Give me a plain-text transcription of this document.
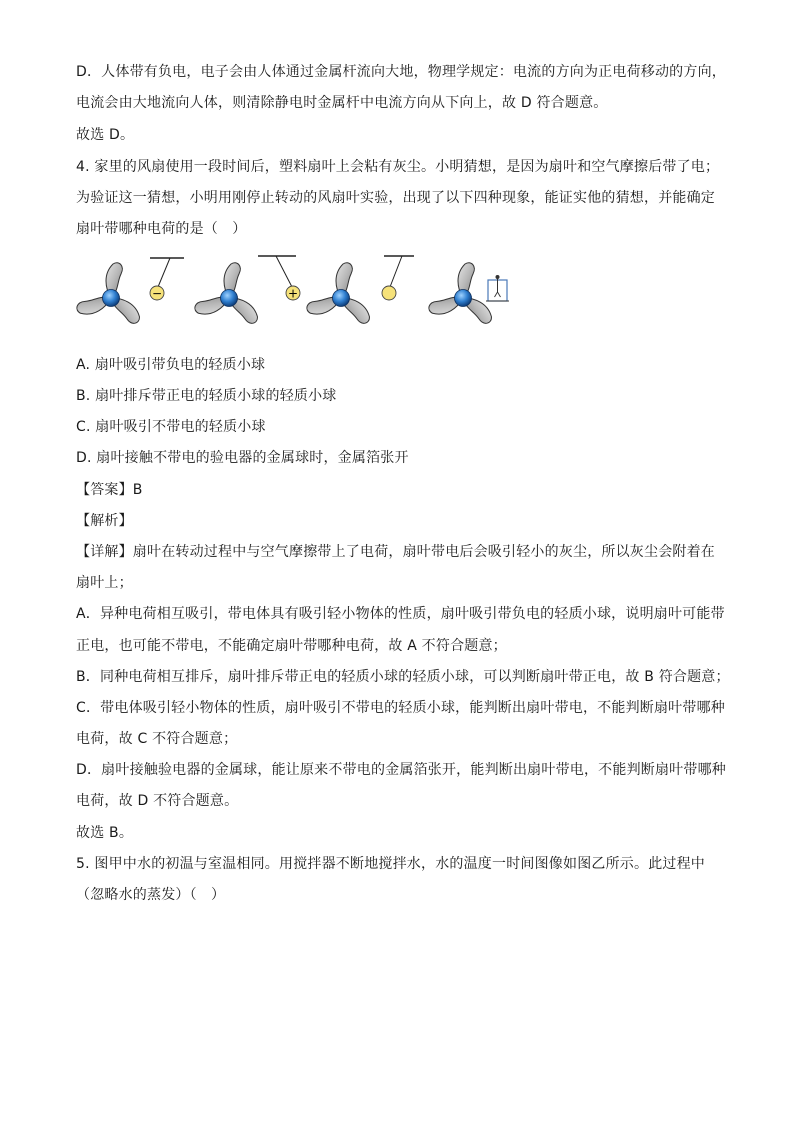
D．人体带有负电，电子会由人体通过金属杆流向大地，物理学规定：电流的方向为正电荷移动的方向，
电流会由大地流向人体，则清除静电时金属杆中电流方向从下向上，故 D 符合题意。
故选 D。
4. 家里的风扇使用一段时间后，塑料扇叶上会粘有灰尘。小明猜想，是因为扇叶和空气摩擦后带了电；
为验证这一猜想，小明用刚停止转动的风扇叶实验，出现了以下四种现象，能证实他的猜想，并能确定
扇叶带哪种电荷的是（　）
−	+
A. 扇叶吸引带负电的轻质小球
B. 扇叶排斥带正电的轻质小球的轻质小球
C. 扇叶吸引不带电的轻质小球
D. 扇叶接触不带电的验电器的金属球时，金属箔张开
【答案】B
【解析】
【详解】扇叶在转动过程中与空气摩擦带上了电荷，扇叶带电后会吸引轻小的灰尘，所以灰尘会附着在
扇叶上；
A．异种电荷相互吸引，带电体具有吸引轻小物体的性质，扇叶吸引带负电的轻质小球，说明扇叶可能带
正电，也可能不带电，不能确定扇叶带哪种电荷，故 A 不符合题意；
B．同种电荷相互排斥，扇叶排斥带正电的轻质小球的轻质小球，可以判断扇叶带正电，故 B 符合题意；
C．带电体吸引轻小物体的性质，扇叶吸引不带电的轻质小球，能判断出扇叶带电，不能判断扇叶带哪种
电荷，故 C 不符合题意；
D．扇叶接触验电器的金属球，能让原来不带电的金属箔张开，能判断出扇叶带电，不能判断扇叶带哪种
电荷，故 D 不符合题意。
故选 B。
5. 图甲中水的初温与室温相同。用搅拌器不断地搅拌水，水的温度一时间图像如图乙所示。此过程中
（忽略水的蒸发）（　）
